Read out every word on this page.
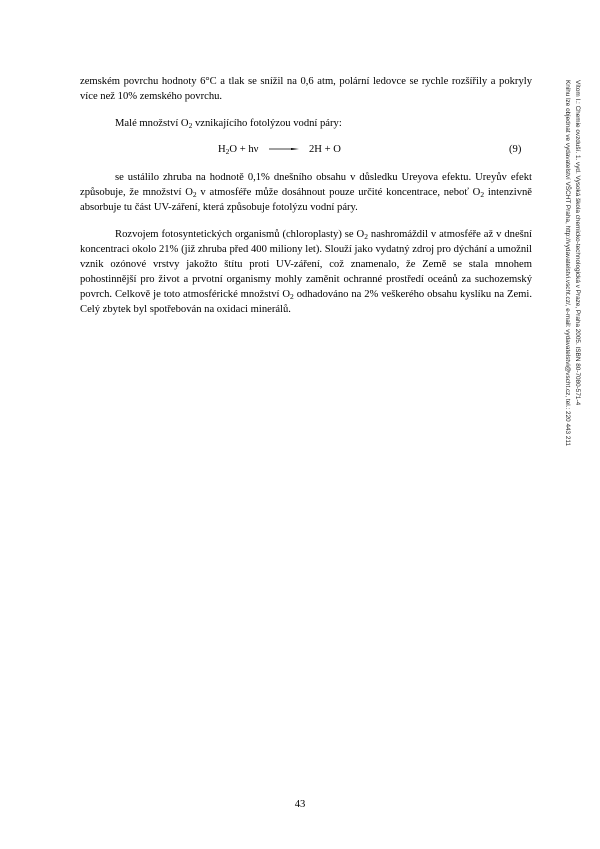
zemském povrchu hodnoty 6°C a tlak se snížil na 0,6 atm, polární ledovce se rychle rozšířily a pokryly více než 10% zemského povrchu.

Malé množství $O_2$ vznikajícího fotolýzou vodní páry:

$H_2O + h\nu \to 2H + O$	(9)

se ustálilo zhruba na hodnotě 0,1% dnešního obsahu v důsledku Ureyova efektu. Ureyův efekt způsobuje, že množství $O_2$ v atmosféře může dosáhnout pouze určité koncentrace, neboť $O_2$ intenzivně absorbuje tu část UV-záření, která způsobuje fotolýzu vodní páry.

Rozvojem fotosyntetických organismů (chloroplasty) se $O_2$ nashromáždil v atmosféře až v dnešní koncentraci okolo 21% (již zhruba před 400 miliony let). Slouží jako vydatný zdroj pro dýchání a umožnil vznik ozónové vrstvy jakožto štítu proti UV-záření, což znamenalo, že Země se stala mnohem pohostinnější pro život a prvotní organismy mohly zaměnit ochranné prostředí oceánů za suchozemský povrch. Celkově je toto atmosférické množství $O_2$ odhadováno na 2% veškerého obsahu kyslíku na Zemi. Celý zbytek byl spotřebován na oxidaci minerálů.	Vítom I.: Chemie ovzduší. 1. vyd. Vysoká škola chemicko-technologická v Praze, Praha 2005. ISBN 80-7080-571-4
Knihu lze objednat ve vydavatelství VŠCHT Praha, http://vydavatelstvi.vscht.cz/, e-mail: vydavatelstvi@vscht.cz, tel.: 220 443 211
43
